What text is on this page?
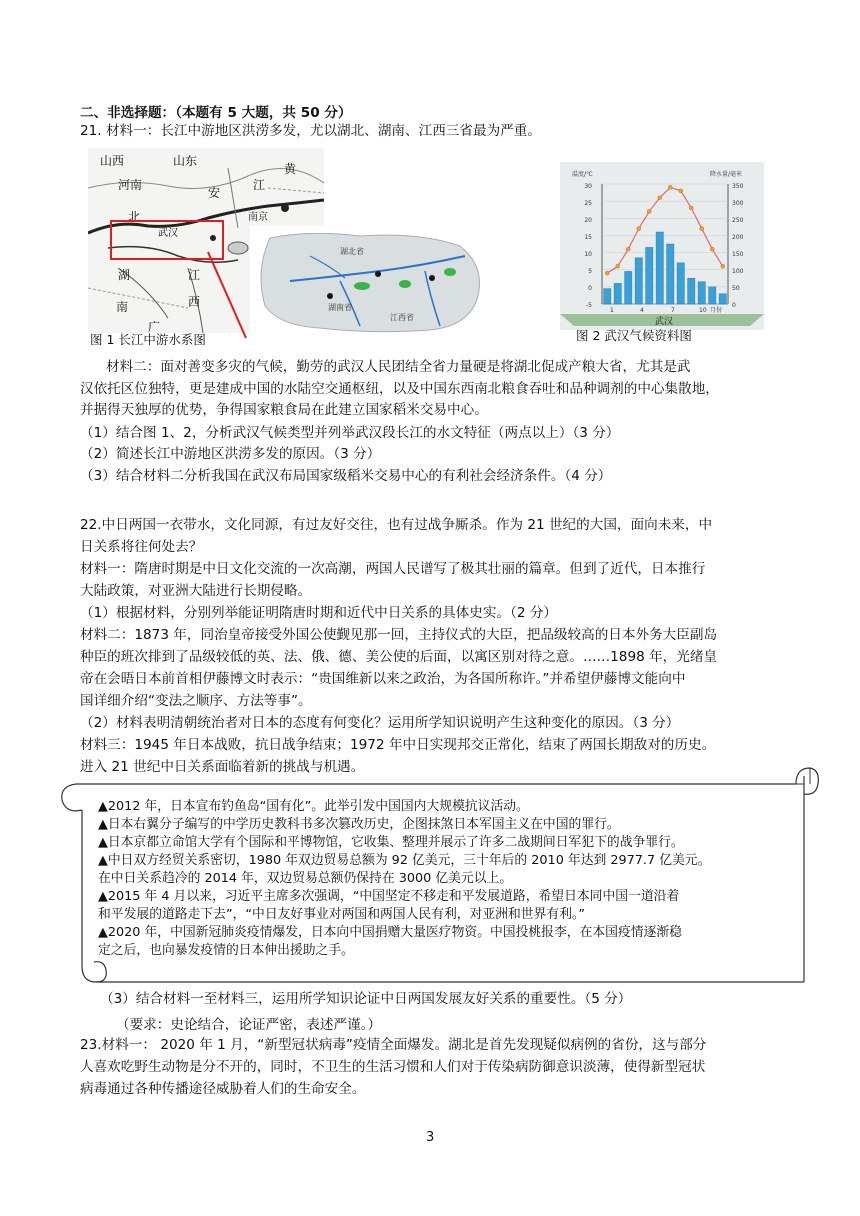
二、非选择题：（本题有 5 大题，共 50 分）
21. 材料一：长江中游地区洪涝多发，尤以湖北、湖南、江西三省最为严重。
山西	山东
河南
黄
江
北
安
武汉
南京
湖
南
江
西
广
湖北省
湖南省
江西省
图 1 长江中游水系图
温度/℃	降水量/毫米
30
25
20
15
10
5
0
-5
350
300
250
200
150
100
50
0
1	4	7	10 月份
武汉
图 2 武汉气候资料图
材料二：面对善变多灾的气候，勤劳的武汉人民团结全省力量硬是将湖北促成产粮大省，尤其是武
汉依托区位独特，更是建成中国的水陆空交通枢纽，以及中国东西南北粮食吞吐和品种调剂的中心集散地，
并据得天独厚的优势，争得国家粮食局在此建立国家稻米交易中心。
（1）结合图 1、2，分析武汉气候类型并列举武汉段长江的水文特征（两点以上）（3 分）
（2）简述长江中游地区洪涝多发的原因。（3 分）
（3）结合材料二分析我国在武汉布局国家级稻米交易中心的有利社会经济条件。（4 分）
22.中日两国一衣带水，文化同源，有过友好交往，也有过战争厮杀。作为 21 世纪的大国，面向未来，中
日关系将往何处去？
材料一：隋唐时期是中日文化交流的一次高潮，两国人民谱写了极其壮丽的篇章。但到了近代，日本推行
大陆政策，对亚洲大陆进行长期侵略。
（1）根据材料，分别列举能证明隋唐时期和近代中日关系的具体史实。（2 分）
材料二：1873 年，同治皇帝接受外国公使觐见那一回，主持仪式的大臣，把品级较高的日本外务大臣副岛
种臣的班次排到了品级较低的英、法、俄、德、美公使的后面，以寓区别对待之意。……1898 年，光绪皇
帝在会晤日本前首相伊藤博文时表示：“贵国维新以来之政治，为各国所称许。”并希望伊藤博文能向中
国详细介绍“变法之顺序、方法等事”。
（2）材料表明清朝统治者对日本的态度有何变化？运用所学知识说明产生这种变化的原因。（3 分）
材料三：1945 年日本战败，抗日战争结束；1972 年中日实现邦交正常化，结束了两国长期敌对的历史。
进入 21 世纪中日关系面临着新的挑战与机遇。
▲2012 年，日本宣布钓鱼岛“国有化”。此举引发中国国内大规模抗议活动。
▲日本右翼分子编写的中学历史教科书多次篡改历史，企图抹煞日本军国主义在中国的罪行。
▲日本京都立命馆大学有个国际和平博物馆，它收集、整理并展示了许多二战期间日军犯下的战争罪行。
▲中日双方经贸关系密切，1980 年双边贸易总额为 92 亿美元，三十年后的 2010 年达到 2977.7 亿美元。
在中日关系趋冷的 2014 年，双边贸易总额仍保持在 3000 亿美元以上。
▲2015 年 4 月以来，习近平主席多次强调，“中国坚定不移走和平发展道路，希望日本同中国一道沿着
和平发展的道路走下去”，“中日友好事业对两国和两国人民有利，对亚洲和世界有利。”
▲2020 年，中国新冠肺炎疫情爆发，日本向中国捐赠大量医疗物资。中国投桃报李，在本国疫情逐渐稳
定之后，也向暴发疫情的日本伸出援助之手。
（3）结合材料一至材料三，运用所学知识论证中日两国发展友好关系的重要性。（5 分）
（要求：史论结合，论证严密，表述严谨。）
23.材料一： 2020 年 1 月，“新型冠状病毒”疫情全面爆发。湖北是首先发现疑似病例的省份，这与部分
人喜欢吃野生动物是分不开的，同时，不卫生的生活习惯和人们对于传染病防御意识淡薄，使得新型冠状
病毒通过各种传播途径威胁着人们的生命安全。
3
